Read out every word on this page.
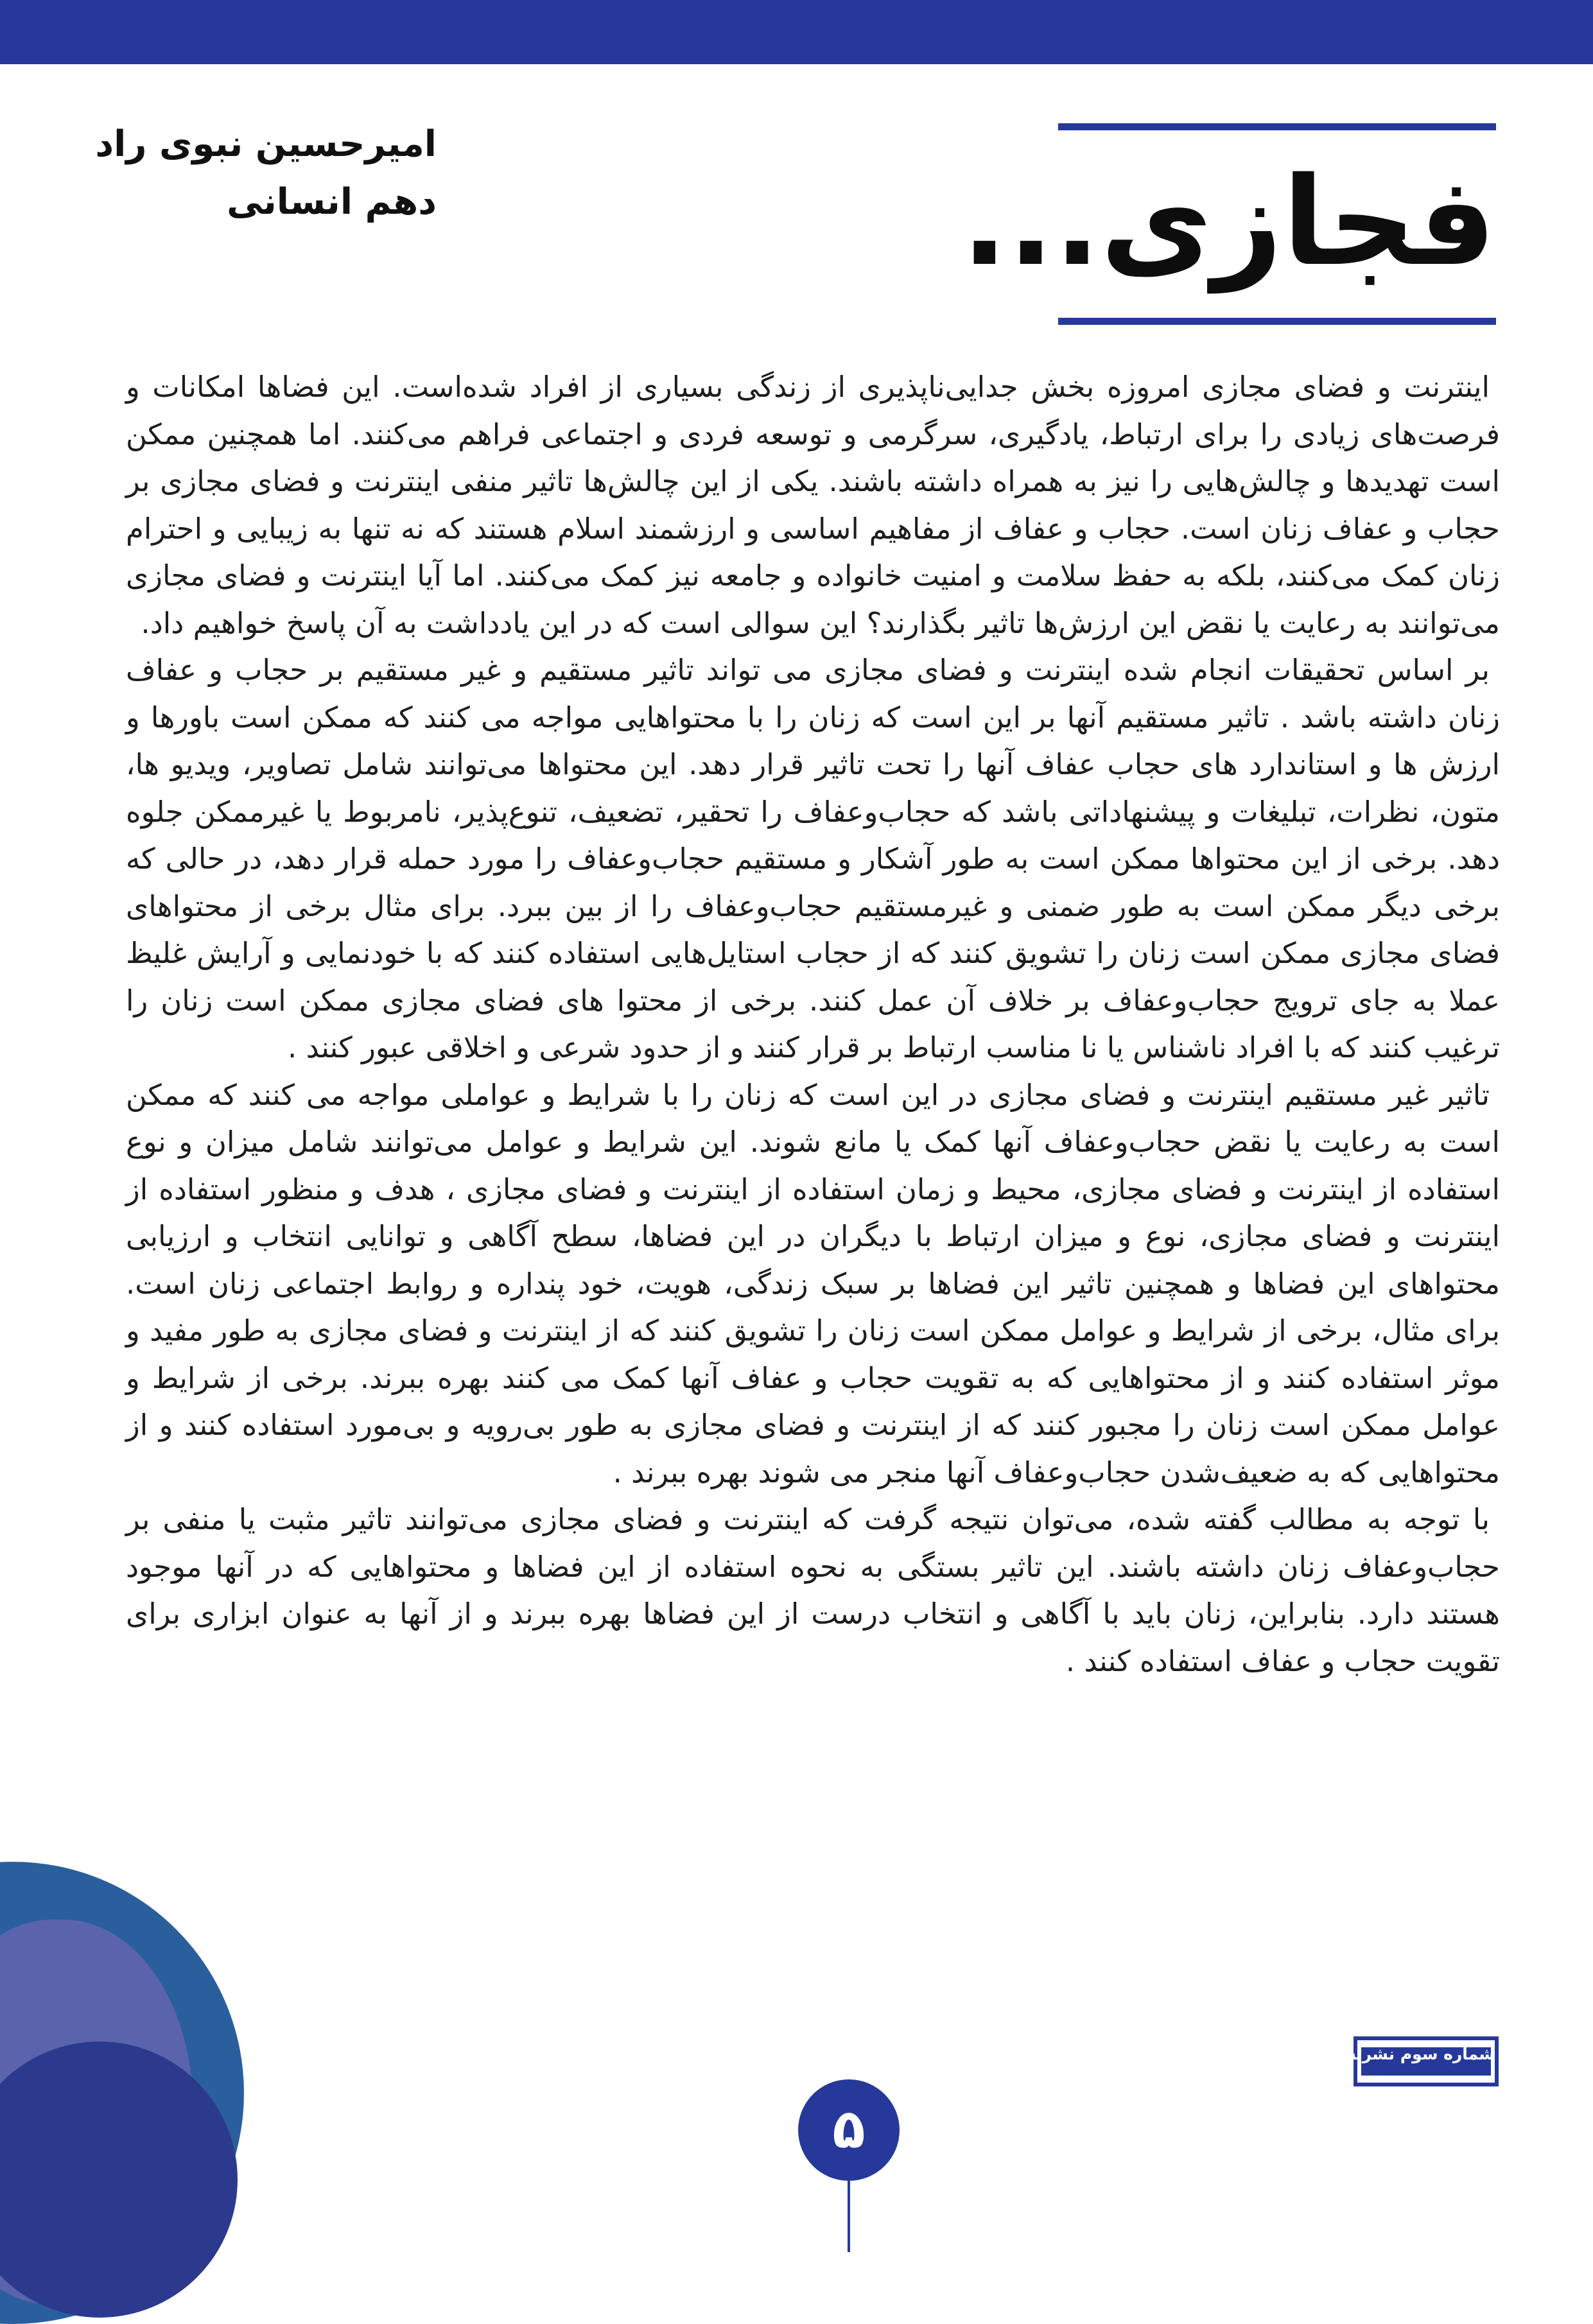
فجازی...
امیرحسین نبوی راد
دهم انسانی

اینترنت و فضای مجازی امروزه بخش جدایی‌ناپذیری از زندگی بسیاری از افراد شده‌است. این فضاها امکانات و فرصت‌های زیادی را برای ارتباط، یادگیری، سرگرمی و توسعه فردی و اجتماعی فراهم می‌کنند. اما همچنین ممکن است تهدیدها و چالش‌هایی را نیز به همراه داشته باشند. یکی از این چالش‌ها تاثیر منفی اینترنت و فضای مجازی بر حجاب و عفاف زنان است. حجاب و عفاف از مفاهیم اساسی و ارزشمند اسلام هستند که نه تنها به زیبایی و احترام زنان کمک می‌کنند، بلکه به حفظ سلامت و امنیت خانواده و جامعه نیز کمک می‌کنند. اما آیا اینترنت و فضای مجازی می‌توانند به رعایت یا نقض این ارزش‌ها تاثیر بگذارند؟ این سوالی است که در این یادداشت به آن پاسخ خواهیم داد.

بر اساس تحقیقات انجام شده اینترنت و فضای مجازی می تواند تاثیر مستقیم و غیر مستقیم بر حجاب و عفاف زنان داشته باشد . تاثیر مستقیم آنها بر این است که زنان را با محتواهایی مواجه می کنند که ممکن است باورها و ارزش ها و استاندارد های حجاب عفاف آنها را تحت تاثیر قرار دهد. این محتواها می‌توانند شامل تصاویر، ویدیو ها، متون، نظرات، تبلیغات و پیشنهاداتی باشد که حجاب‌وعفاف را تحقیر، تضعیف، تنوع‌پذیر، نامربوط یا غیرممکن جلوه دهد. برخی از این محتواها ممکن است به طور آشکار و مستقیم حجاب‌وعفاف را مورد حمله قرار دهد، در حالی که برخی دیگر ممکن است به طور ضمنی و غیرمستقیم حجاب‌وعفاف را از بین ببرد. برای مثال برخی از محتواهای فضای مجازی ممکن است زنان را تشویق کنند که از حجاب استایل‌هایی استفاده کنند که با خودنمایی و آرایش غلیظ عملا به جای ترویج حجاب‌وعفاف بر خلاف آن عمل کنند. برخی از محتوا های فضای مجازی ممکن است زنان را ترغیب کنند که با افراد ناشناس یا نا مناسب ارتباط بر قرار کنند و از حدود شرعی و اخلاقی عبور کنند .

تاثیر غیر مستقیم اینترنت و فضای مجازی در این است که زنان را با شرایط و عواملی مواجه می کنند که ممکن است به رعایت یا نقض حجاب‌وعفاف آنها کمک یا مانع شوند. این شرایط و عوامل می‌توانند شامل میزان و نوع استفاده از اینترنت و فضای مجازی، محیط و زمان استفاده از اینترنت و فضای مجازی ، هدف و منظور استفاده از اینترنت و فضای مجازی، نوع و میزان ارتباط با دیگران در این فضاها، سطح آگاهی و توانایی انتخاب و ارزیابی محتواهای این فضاها و همچنین تاثیر این فضاها بر سبک زندگی، هویت، خود پنداره و روابط اجتماعی زنان است. برای مثال، برخی از شرایط و عوامل ممکن است زنان را تشویق کنند که از اینترنت و فضای مجازی به طور مفید و موثر استفاده کنند و از محتواهایی که به تقویت حجاب و عفاف آنها کمک می کنند بهره ببرند. برخی از شرایط و عوامل ممکن است زنان را مجبور کنند که از اینترنت و فضای مجازی به طور بی‌رویه و بی‌مورد استفاده کنند و از محتواهایی که به ضعیف‌شدن حجاب‌وعفاف آنها منجر می شوند بهره ببرند .

با توجه به مطالب گفته شده، می‌توان نتیجه گرفت که اینترنت و فضای مجازی می‌توانند تاثیر مثبت یا منفی بر حجاب‌وعفاف زنان داشته باشند. این تاثیر بستگی به نحوه استفاده از این فضاها و محتواهایی که در آنها موجود هستند دارد. بنابراین، زنان باید با آگاهی و انتخاب درست از این فضاها بهره ببرند و از آنها به عنوان ابزاری برای تقویت حجاب و عفاف استفاده کنند .

شماره سوم نشریه ندا
۵
